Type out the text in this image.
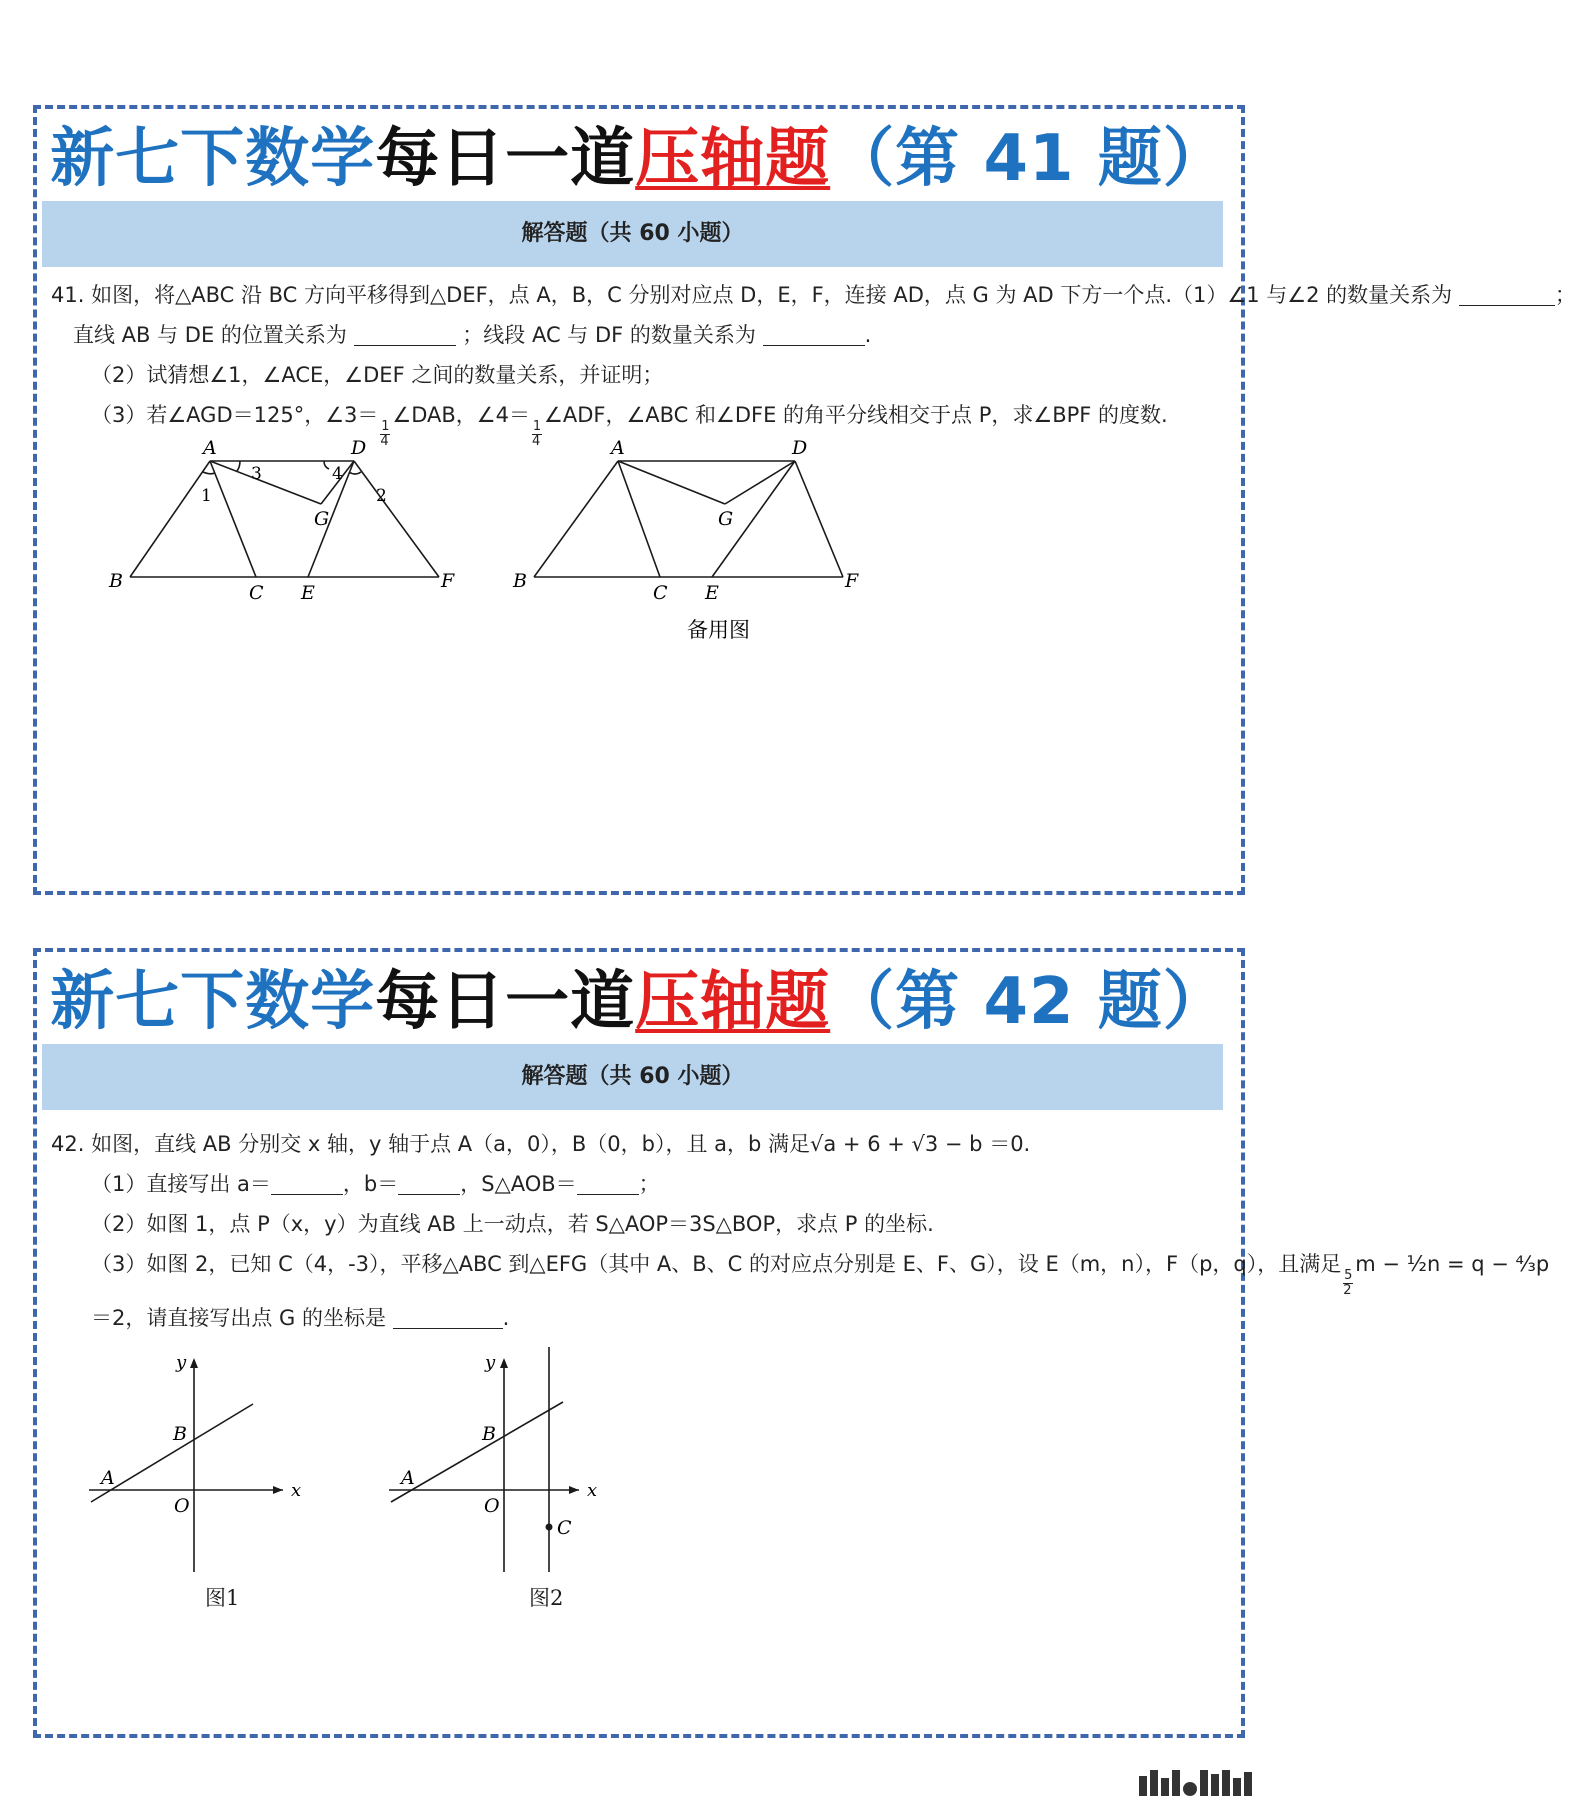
新七下数学每日一道压轴题（第 41 题）
解答题（共 60 小题）
41. 如图，将△ABC 沿 BC 方向平移得到△DEF，点 A，B，C 分别对应点 D，E，F，连接 AD，点 G 为 AD 下方一个点.（1）∠1 与∠2 的数量关系为	；
直线 AB 与 DE 的位置关系为	；线段 AC 与 DF 的数量关系为	.
（2）试猜想∠1，∠ACE，∠DEF 之间的数量关系，并证明；
（3）若∠AGD＝125°，∠3＝
$\frac{1}{4}$
∠DAB，∠4＝
$\frac{1}{4}$
∠ADF，∠ABC 和∠DFE 的角平分线相交于点 P，求∠BPF 的度数.
A	D
B
C E
F
G
1	2
3	4
A	D
B
C E
F
G
备用图
新七下数学每日一道压轴题（第 42 题）
解答题（共 60 小题）
42. 如图，直线 AB 分别交 x 轴，y 轴于点 A（a，0），B（0，b），且 a，b 满足√a + 6 + √3 − b ＝0.
（1）直接写出 a＝	，b＝	，S△AOB＝	；
（2）如图 1，点 P（x，y）为直线 AB 上一动点，若 S△AOP＝3S△BOP，求点 P 的坐标.
（3）如图 2，已知 C（4，-3），平移△ABC 到△EFG（其中 A、B、C 的对应点分别是 E、F、G），设 E（m，n），F（p，q），且满足
$\frac{5}{2}$
m − ½n = q − ⁴⁄₃p
＝2，请直接写出点 G 的坐标是	.
y
x
B
A
O
图1
y
x
B
A
O
C
图2
